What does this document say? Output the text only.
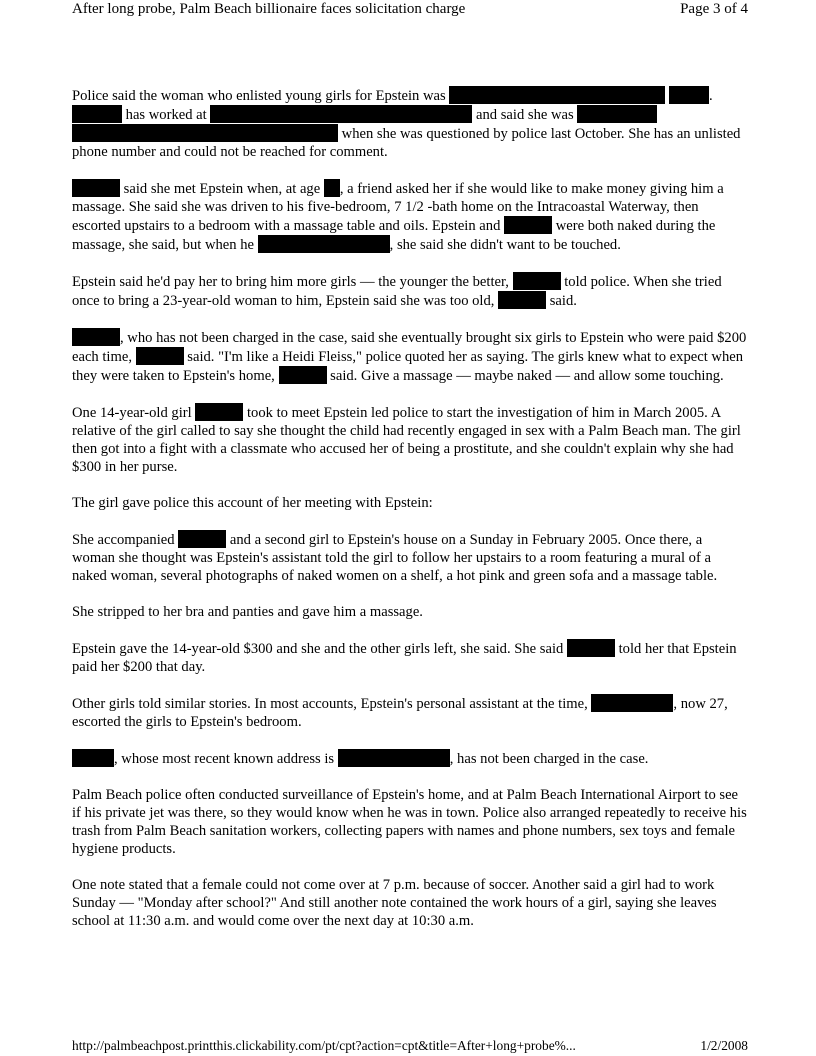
After long probe, Palm Beach billionaire faces solicitation charge	Page 3 of 4

Police said the woman who enlisted young girls for Epstein was	.  has worked at	and said she was   when she was questioned by police last October. She has an unlisted phone number and could not be reached for comment.

said she met Epstein when, at age , a friend asked her if she would like to make money giving him a massage. She said she was driven to his five-bedroom, 7 1/2 -bath home on the Intracoastal Waterway, then escorted upstairs to a bedroom with a massage table and oils. Epstein and	were both naked during the massage, she said, but when he	, she said she didn't want to be touched.

Epstein said he'd pay her to bring him more girls — the younger the better,	told police. When she tried once to bring a 23-year-old woman to him, Epstein said she was too old,	said.

, who has not been charged in the case, said she eventually brought six girls to Epstein who were paid $200 each time,	said. "I'm like a Heidi Fleiss," police quoted her as saying. The girls knew what to expect when they were taken to Epstein's home,	said. Give a massage — maybe naked — and allow some touching.

One 14-year-old girl	took to meet Epstein led police to start the investigation of him in March 2005. A relative of the girl called to say she thought the child had recently engaged in sex with a Palm Beach man. The girl then got into a fight with a classmate who accused her of being a prostitute, and she couldn't explain why she had $300 in her purse.

The girl gave police this account of her meeting with Epstein:

She accompanied	and a second girl to Epstein's house on a Sunday in February 2005. Once there, a woman she thought was Epstein's assistant told the girl to follow her upstairs to a room featuring a mural of a naked woman, several photographs of naked women on a shelf, a hot pink and green sofa and a massage table.

She stripped to her bra and panties and gave him a massage.

Epstein gave the 14-year-old $300 and she and the other girls left, she said. She said	told her that Epstein paid her $200 that day.

Other girls told similar stories. In most accounts, Epstein's personal assistant at the time,	, now 27, escorted the girls to Epstein's bedroom.

, whose most recent known address is	, has not been charged in the case.

Palm Beach police often conducted surveillance of Epstein's home, and at Palm Beach International Airport to see if his private jet was there, so they would know when he was in town. Police also arranged repeatedly to receive his trash from Palm Beach sanitation workers, collecting papers with names and phone numbers, sex toys and female hygiene products.

One note stated that a female could not come over at 7 p.m. because of soccer. Another said a girl had to work Sunday — "Monday after school?" And still another note contained the work hours of a girl, saying she leaves school at 11:30 a.m. and would come over the next day at 10:30 a.m.

http://palmbeachpost.printthis.clickability.com/pt/cpt?action=cpt&title=After+long+probe%...	1/2/2008
